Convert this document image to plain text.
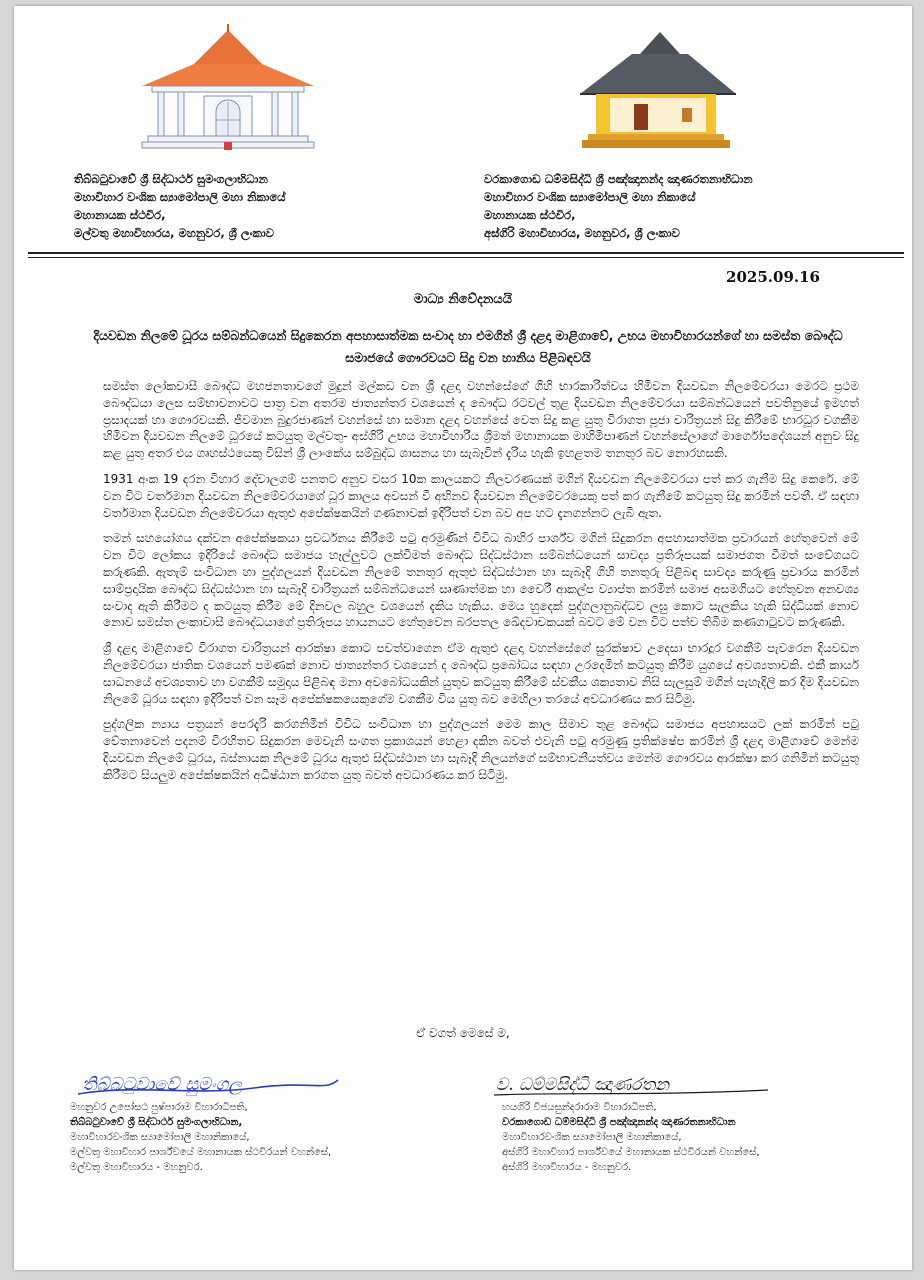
තිබ්බටුවාවේ ශ්‍රී සිද්ධාර්ථ සුමංගලාභිධාන
මහාවිහාර වංශික ස්‍යාමෝපාලි මහා නිකායේ
මහානායක ස්ථවිර,
මල්වතු මහාවිහාරය, මහනුවර, ශ්‍රී ලංකාව
වරකාගොඩ ධම්මසිද්ධි ශ්‍රී පඤ්ඤානන්ද ඤාණරතනාභිධාන
මහාවිහාර වංශික ස්‍යාමෝපාලි මහා නිකායේ
මහානායක ස්ථවිර,
අස්ගිරි මහාවිහාරය, මහනුවර, ශ්‍රී ලංකාව
2025.09.16
මාධ්‍ය නිවේදනයයි
දියවඩන නිලමේ ධූරය සම්බන්ධයෙන් සිදුකෙරන අපහාසාත්මක සංවාද හා එමගින් ශ්‍රී දළදා මාළිගාවේ, උභය මහාවිහාරයන්ගේ හා සමස්ත බෞද්ධ සමාජයේ ගෞරවයට සිදු වන හානිය පිළිබඳවයි

සමස්ත ලෝකවාසී බෞද්ධ මහජනතාවගේ මුදුන් මල්කඩ වන ශ්‍රී දළදා වහන්සේගේ ගිහි භාරකාරිත්වය හිමිවන දියවඩන නිලමේවරයා මෙරට ප්‍රථම බෞද්ධයා ලෙස සම්භාවනාවට පාත්‍ර වන අතරම ජාත්‍යන්තර වශයෙන් ද බෞද්ධ රටවල් තුළ දියවඩන නිලමේවරයා සම්බන්ධයෙන් පවතිනුයේ ඉමහත් ප්‍රසාදයක් හා ගෞරවයකි. ජීවමාන බුදුරජාණන් වහන්සේ හා සමාන දළදා වහන්සේ වෙත සිදු කළ යුතු විරාගත පූජා චාරිත්‍රයන් සිදු කිරීමේ භාරධූර වගකීම හිමිවන දියවඩන නිලමේ ධූරයේ කටයුතු මල්වතු- අස්ගිරි උභය මහාවිහාරීය ශ්‍රීමත් මහානායක මාහිමිපාණන් වහන්සේලාගේ මාර්ගෝපදේශයන් අනුව සිදු කළ යුතු අතර එය ගෘහස්ථයෙකු විසින් ශ්‍රී ලාංකේය සම්බුද්ධ ශාසනය හා සැබෑවින් දැරිය හැකි ඉහළතම තනතුර බව නොරහසකි.

1931 අංක 19 දරන විහාර දේවාලගම් පනතට අනුව වසර 10ක කාලයකට නිලවරණයක් මගින් දියවඩන නිලමේවරයා පත් කර ගැනීම සිදු කෙරේ. මේ වන විට වර්තමාන දියවඩන නිලමේවරයාගේ ධූර කාලය අවසන් වී අභිනව දියවඩන නිලමේවරයෙකු පත් කර ගැනීමේ කටයුතු සිදු කරමින් පවතී. ඒ සඳහා වර්තමාන දියවඩන නිලමේවරයා ඇතුළු අපේක්ෂකයින් ගණනාවක් ඉදිරිපත් වන බව අප හට දැනගන්නට ලැබී ඇත.

තමන් සහයෝගය දක්වන අපේක්ෂකයා ප්‍රවර්ධනය කිරීමේ පටු අරමුණින් විවිධ බාහිර පාර්ශ්ව මගින් සිදුකරන අපහාසාත්මක ප්‍රචාරයන් හේතුවෙන් මේ වන විට ලෝකය ඉදිරියේ බෞද්ධ සමාජය හෑල්ලුවට ලක්වීමත් බෞද්ධ සිද්ධස්ථාන සම්බන්ධයෙන් සාවද්‍ය ප්‍රතිරූපයක් සමාජගත වීමත් සංවේගයට කරුණකි. ඇතැම් සංවිධාන හා පුද්ගලයන් දියවඩන නිලමේ තනතුර ඇතුළු සිද්ධස්ථාන හා සැබෑදි ගිහි තනතුරු පිළිබඳ සාවද්‍ය කරුණු ප්‍රචාරය කරමින් සාම්ප්‍රදායික බෞද්ධ සිද්ධස්ථාන හා සැබෑදි චාරිත්‍රයන් සම්බන්ධයෙන් ඍණාත්මක හා වෛරී ආකල්ප ව්‍යාප්ත කරමින් සමාජ අසමගියට හේතුවන අනවශ්‍ය සංවාද ඇති කිරීමට ද කටයුතු කිරීම මේ දිනවල බහුල වශයෙන් දැකිය හැකිය. මෙය හුදෙක් පුද්ගලානුබද්ධව ලඝු කොට සැලකිය හැකි සිද්ධියක් නොව නොව සමස්ත ලංකාවාසී බෞද්ධයාගේ ප්‍රතිරූපය හායනයට හේතුවෙන බරපතල ඛේදවාචකයක් බවට මේ වන විට පත්ව තිබීම කණගාටුවට කරුණකි.

ශ්‍රී දළදා මාළිගාවේ විරාගත චාරිත්‍රයන් ආරක්ෂා කොට පවත්වාගෙන ඒම ඇතුළු දළදා වහන්සේගේ සුරක්ෂාව උදෙසා භාරදූර වගකීම් පැවරෙන දියවඩන නිලමේවරයා ජාතික වශයෙන් පමණක් නොව ජාත්‍යන්තර වශයෙන් ද බෞද්ධ ප්‍රබෝධය සඳහා උරදෙමින් කටයුතු කිරීම යුගයේ අවශ්‍යතාවකි. එකී කාර්ය සාධනයේ අවශ්‍යතාව හා වගකීම් සමුදාය පිළිබඳ මනා අවබෝධයකින් යුතුව කටයුතු කිරීමේ ස්වකීය ශක්‍යතාව නිසි සැලසුම් මගින් පැහැදිලි කර දීම දියවඩන නිලමේ ධූරය සඳහා ඉදිරිපත් වන සෑම අපේක්ෂකයෙකුගේම වගකීම විය යුතු බව මෙහිලා තරයේ අවධාරණය කර සිටිමු.

පුද්ගලික න්‍යාය පත්‍රයන් පෙරදැරි කරගනිමින් විවිධ සංවිධාන හා පුද්ගලයන් මෙම කාල සීමාව තුළ බෞද්ධ සමාජය අපහාසයට ලක් කරමින් පටු චේතනාවෙන් පදනම් විරහිතව සිදුකරන මෙවැනි සංගත ප්‍රකාශයන් හෙළා දකින බවත් එවැනි පටු අරමුණු ප්‍රතික්ෂේප කරමින් ශ්‍රී දළදා මාළිගාවේ මෙන්ම දියවඩන නිලමේ ධූරය, බස්නායක නිලමේ ධූරය ඇතුළු සිද්ධස්ථාන හා සැබෑදි නිලයන්ගේ සම්භාවනීයත්වය මෙන්ම ගෞරවය ආරක්ෂා කර ගනිමින් කටයුතු කිරීමට සියලුම අපේක්ෂකයින් අධිෂ්ඨාන කරගත යුතු බවත් අවධාරණය කර සිටිමු.

ඒ වගත් මෙසේ ම,
තිබ්බටුවාවේ සුමංගල
මහනුවර උපෝසථ පුෂ්පාරාම විහාරාධිපති,
තිබ්බටුවාවේ ශ්‍රී සිද්ධාර්ථ සුමංගලාභිධාන,
මහාවිහාරවංශික ස්‍යාමෝපාලි මහානිකායේ,
මල්වතු මහාවිහාර පාර්ශ්වයේ මහානායක ස්ථවිරයන් වහන්සේ,
මල්වතු මහාවිහාරය - මහනුවර.
ව. ධම්මසිද්ධි ඤාණරතන
හයගිරි විජයසුන්දරාරාම විහාරාධිපති,
වරකාගොඩ ධම්මසිද්ධි ශ්‍රී පඤ්ඤානන්ද ඤාණරතනාභිධාන
මහාවිහාරවංශික ස්‍යාමෝපාලි මහානිකායේ,
අස්ගිරි මහාවිහාර පාර්ශ්වයේ මහානායක ස්ථවිරයන් වහන්සේ,
අස්ගිරි මහාවිහාරය - මහනුවර.
